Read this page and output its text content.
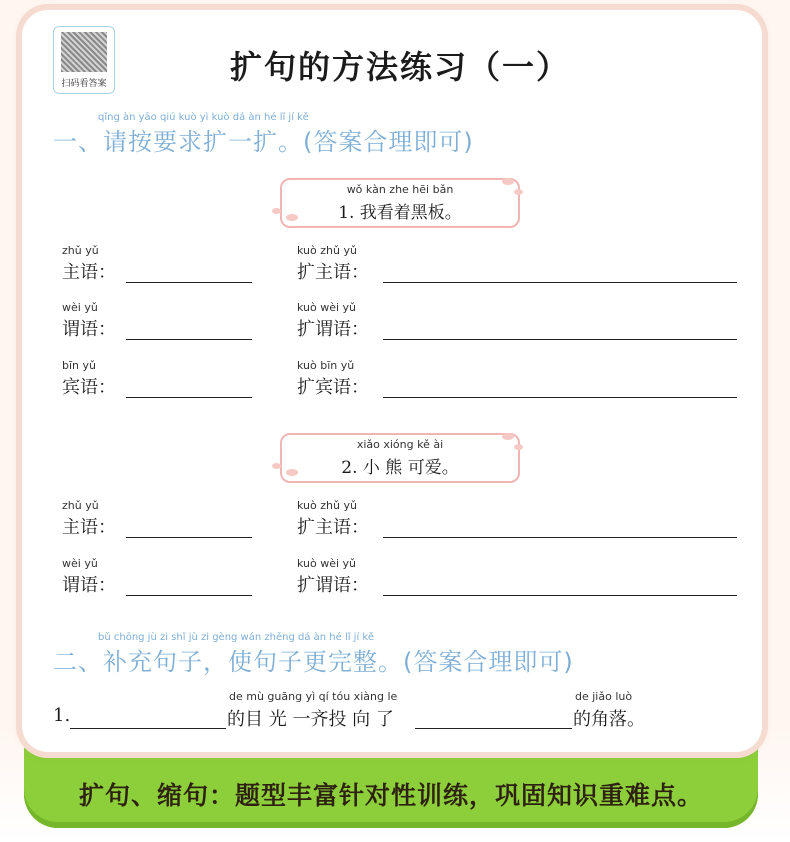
扩句、缩句：题型丰富针对性训练，巩固知识重难点。
扫码看答案	扩句的方法练习（一）
qǐng àn yāo qiú kuò yì kuò dá àn hé lǐ jí kě
一、请按要求扩一扩。(答案合理即可)
wǒ kàn zhe hēi bǎn
1. 我看着黑板。
zhǔ yǔ
主语：
kuò zhǔ yǔ
扩主语：
wèi yǔ
谓语：
kuò wèi yǔ
扩谓语：
bīn yǔ
宾语：
kuò bīn yǔ
扩宾语：
xiǎo xióng kě ài
2. 小 熊 可爱。
zhǔ yǔ
主语：
kuò zhǔ yǔ
扩主语：
wèi yǔ
谓语：
kuò wèi yǔ
扩谓语：
bǔ chōng jù zi shǐ jù zi gèng wán zhěng dá àn hé lǐ jí kě
二、补充句子，使句子更完整。(答案合理即可)
1.
de mù guāng yì qí tóu xiàng le
的目 光 一齐投 向 了
de jiǎo luò
的角落。
